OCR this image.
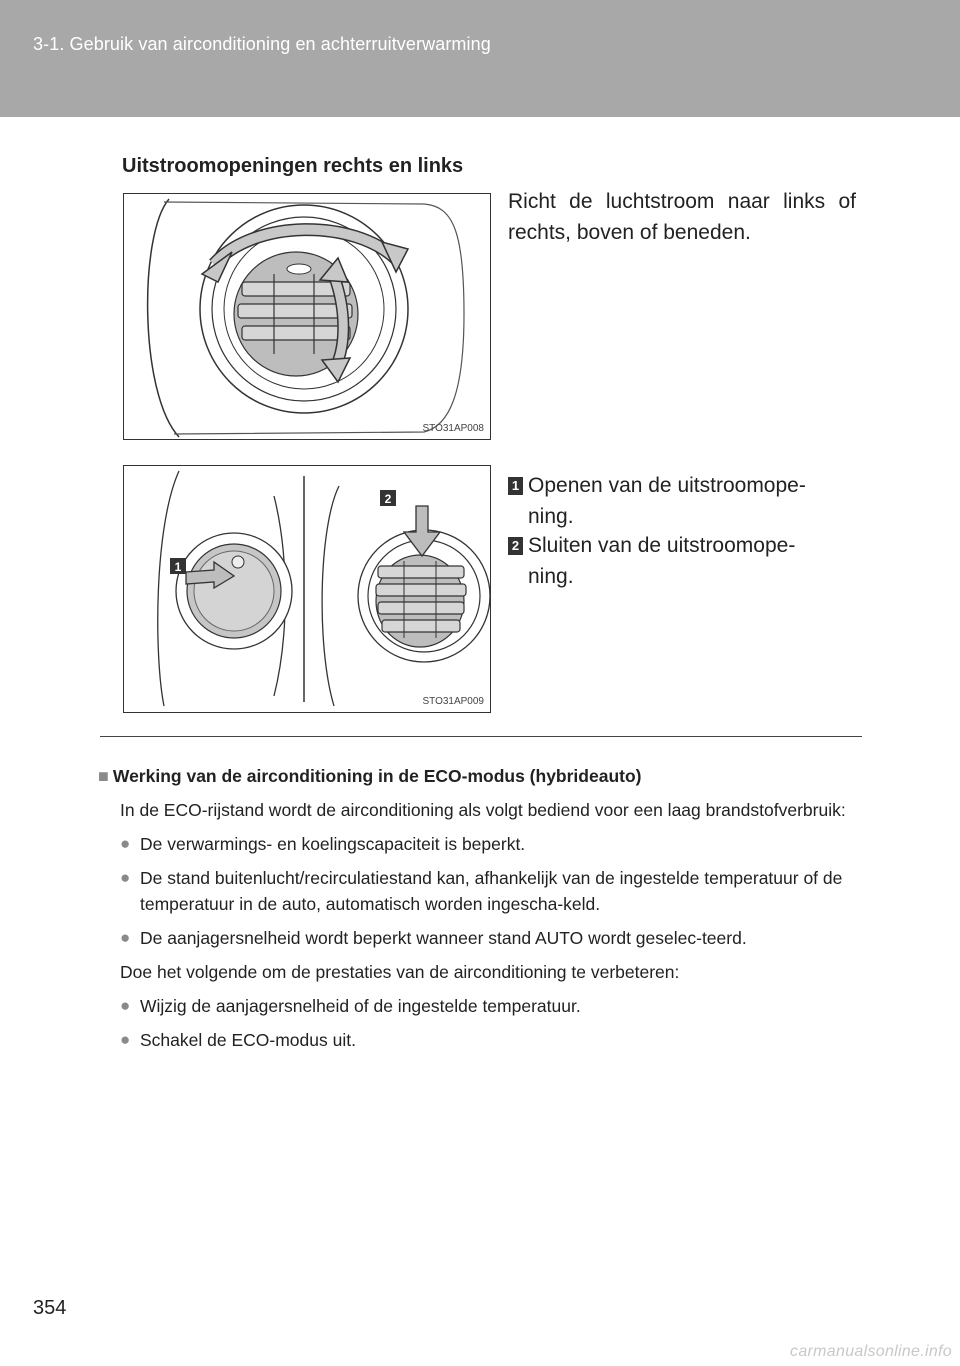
3-1. Gebruik van airconditioning en achterruitverwarming
Uitstroomopeningen rechts en links
STO31AP008
Richt de luchtstroom naar links of rechts, boven of beneden.
1
2
STO31AP009
1 Openen van de uitstroomope-
ning.
2 Sluiten van de uitstroomope-
ning.
■ Werking van de airconditioning in de ECO-modus (hybrideauto)
In de ECO-rijstand wordt de airconditioning als volgt bediend voor een laag brandstofverbruik:
● De verwarmings- en koelingscapaciteit is beperkt.
● De stand buitenlucht/recirculatiestand kan, afhankelijk van de ingestelde temperatuur of de temperatuur in de auto, automatisch worden ingescha-keld.
● De aanjagersnelheid wordt beperkt wanneer stand AUTO wordt geselec-teerd.
Doe het volgende om de prestaties van de airconditioning te verbeteren:
● Wijzig de aanjagersnelheid of de ingestelde temperatuur.
● Schakel de ECO-modus uit.
354
carmanualsonline.info
